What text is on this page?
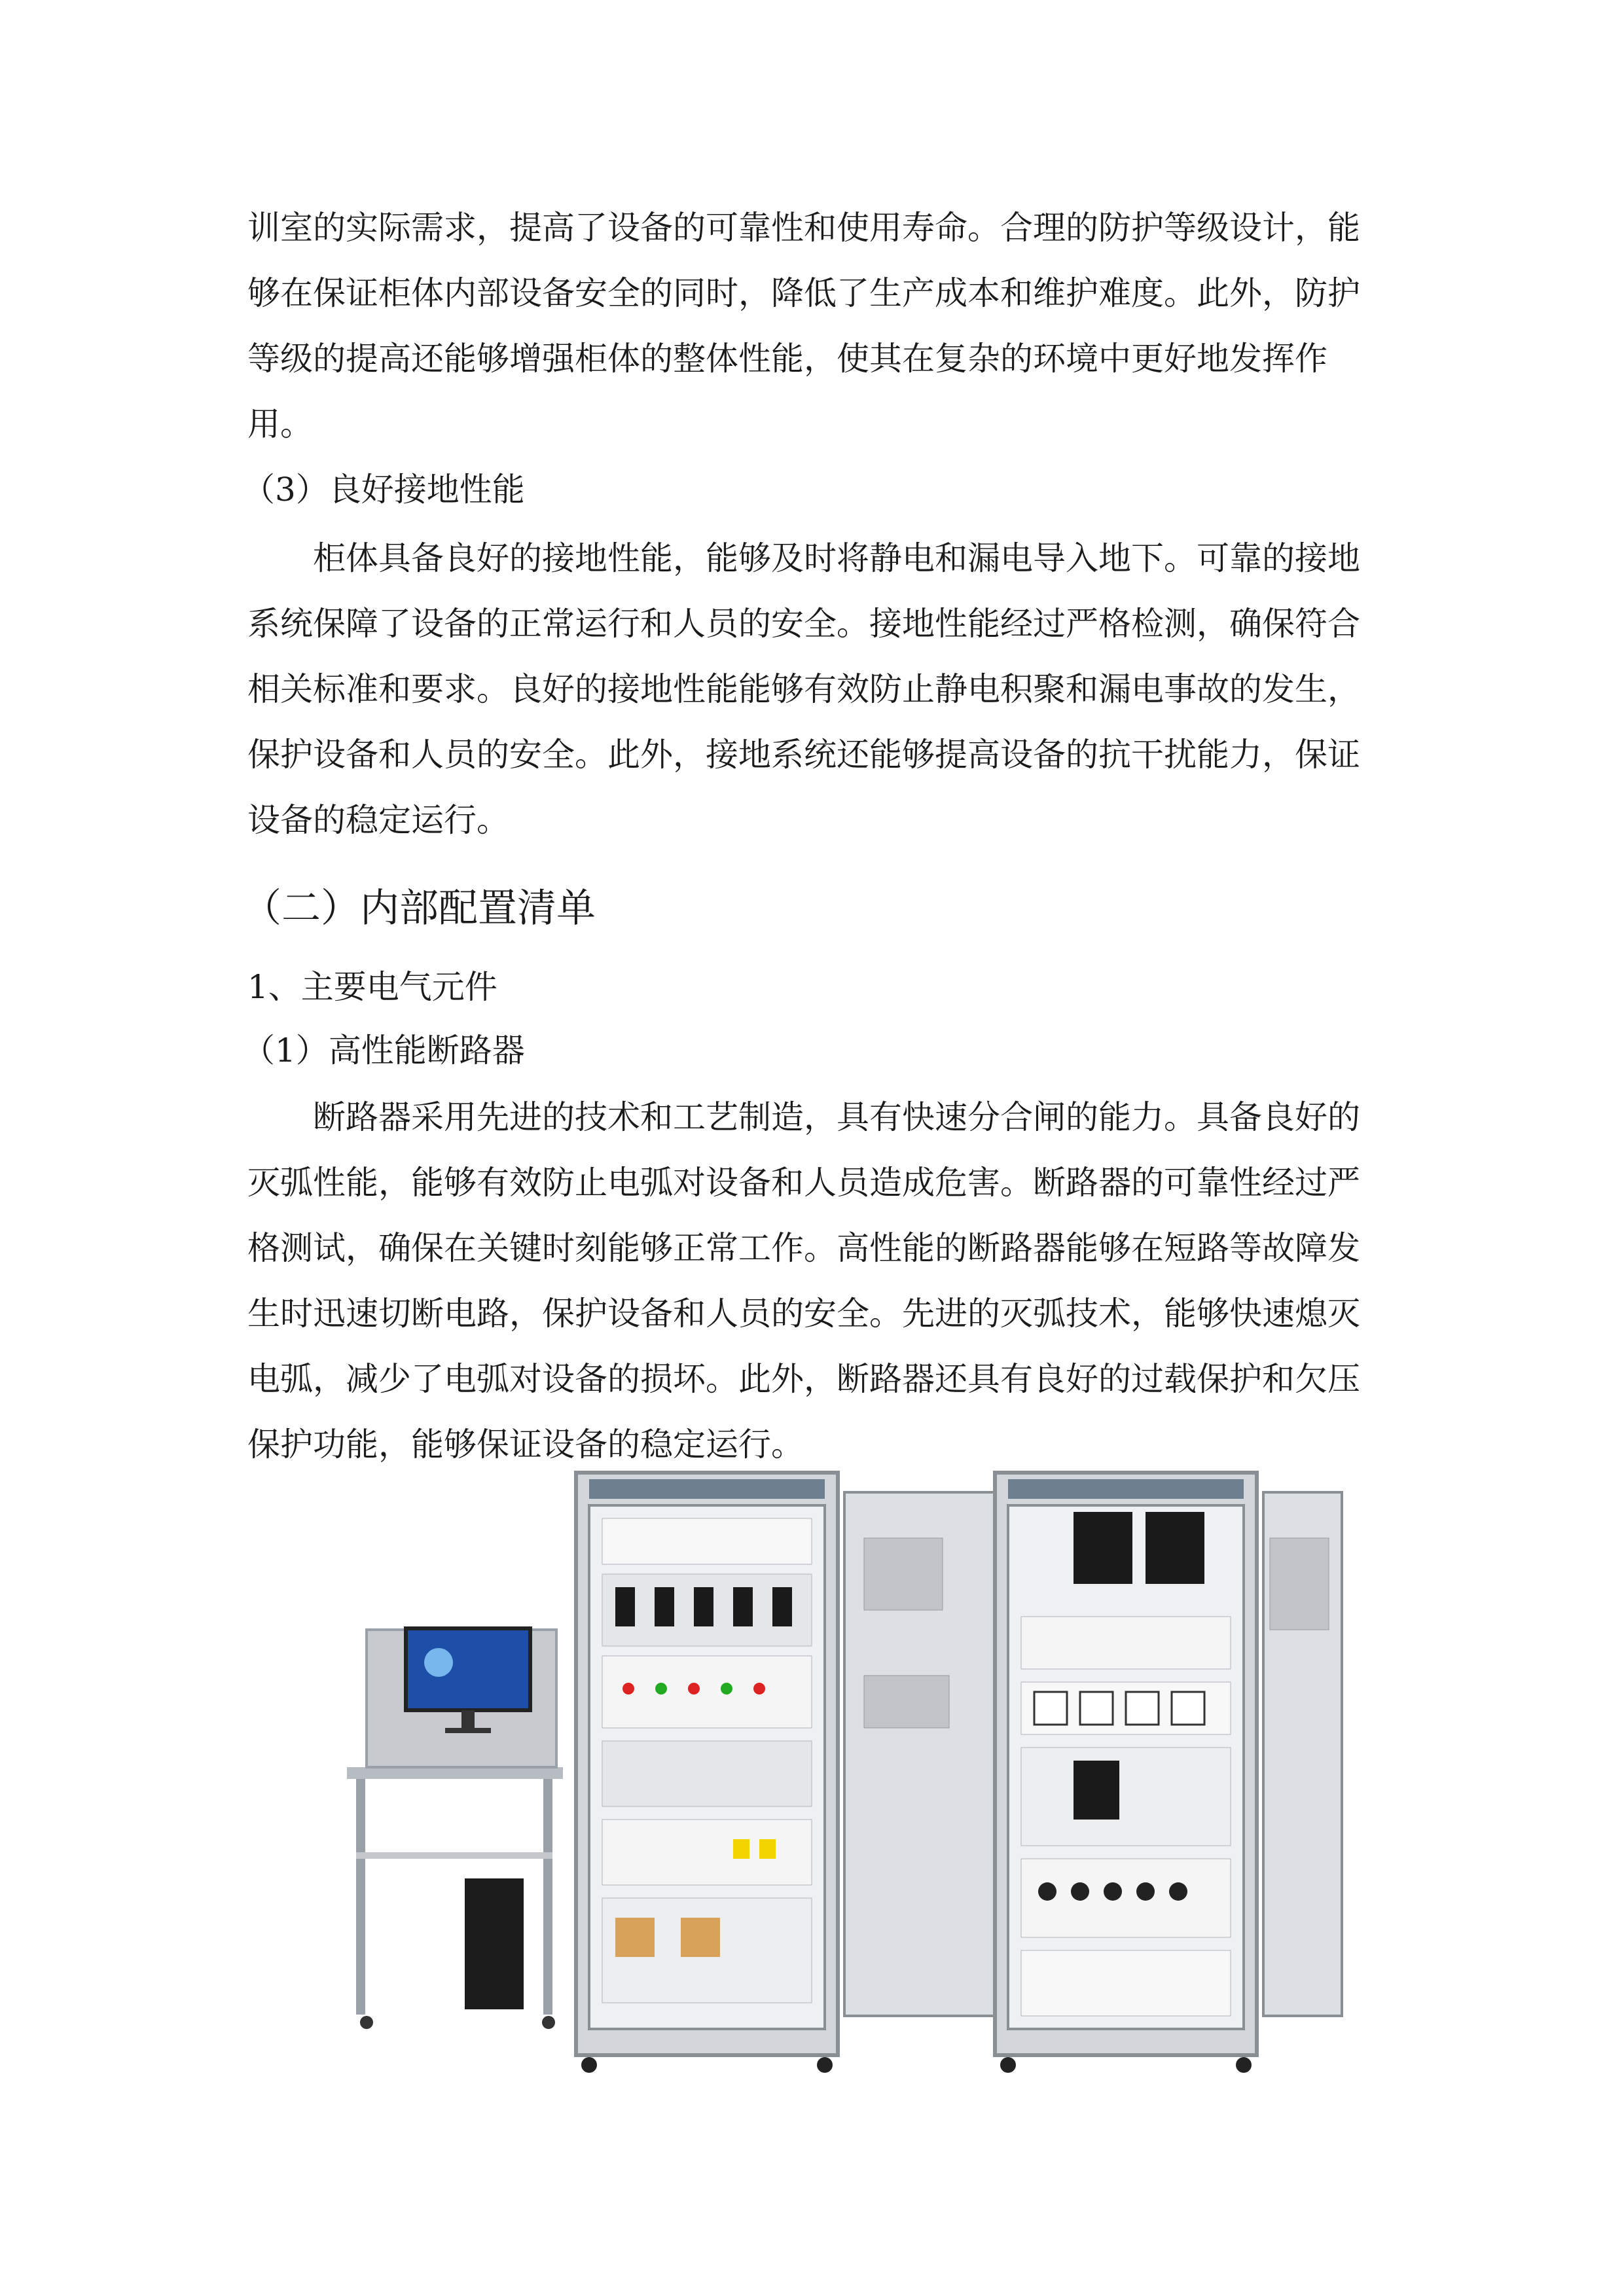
训室的实际需求，提高了设备的可靠性和使用寿命。合理的防护等级设计，能
够在保证柜体内部设备安全的同时，降低了生产成本和维护难度。此外，防护
等级的提高还能够增强柜体的整体性能，使其在复杂的环境中更好地发挥作
用。
（3）良好接地性能
柜体具备良好的接地性能，能够及时将静电和漏电导入地下。可靠的接地
系统保障了设备的正常运行和人员的安全。接地性能经过严格检测，确保符合
相关标准和要求。良好的接地性能能够有效防止静电积聚和漏电事故的发生，
保护设备和人员的安全。此外，接地系统还能够提高设备的抗干扰能力，保证
设备的稳定运行。
（二）内部配置清单
1、主要电气元件
（1）高性能断路器
断路器采用先进的技术和工艺制造，具有快速分合闸的能力。具备良好的
灭弧性能，能够有效防止电弧对设备和人员造成危害。断路器的可靠性经过严
格测试，确保在关键时刻能够正常工作。高性能的断路器能够在短路等故障发
生时迅速切断电路，保护设备和人员的安全。先进的灭弧技术，能够快速熄灭
电弧，减少了电弧对设备的损坏。此外，断路器还具有良好的过载保护和欠压
保护功能，能够保证设备的稳定运行。
